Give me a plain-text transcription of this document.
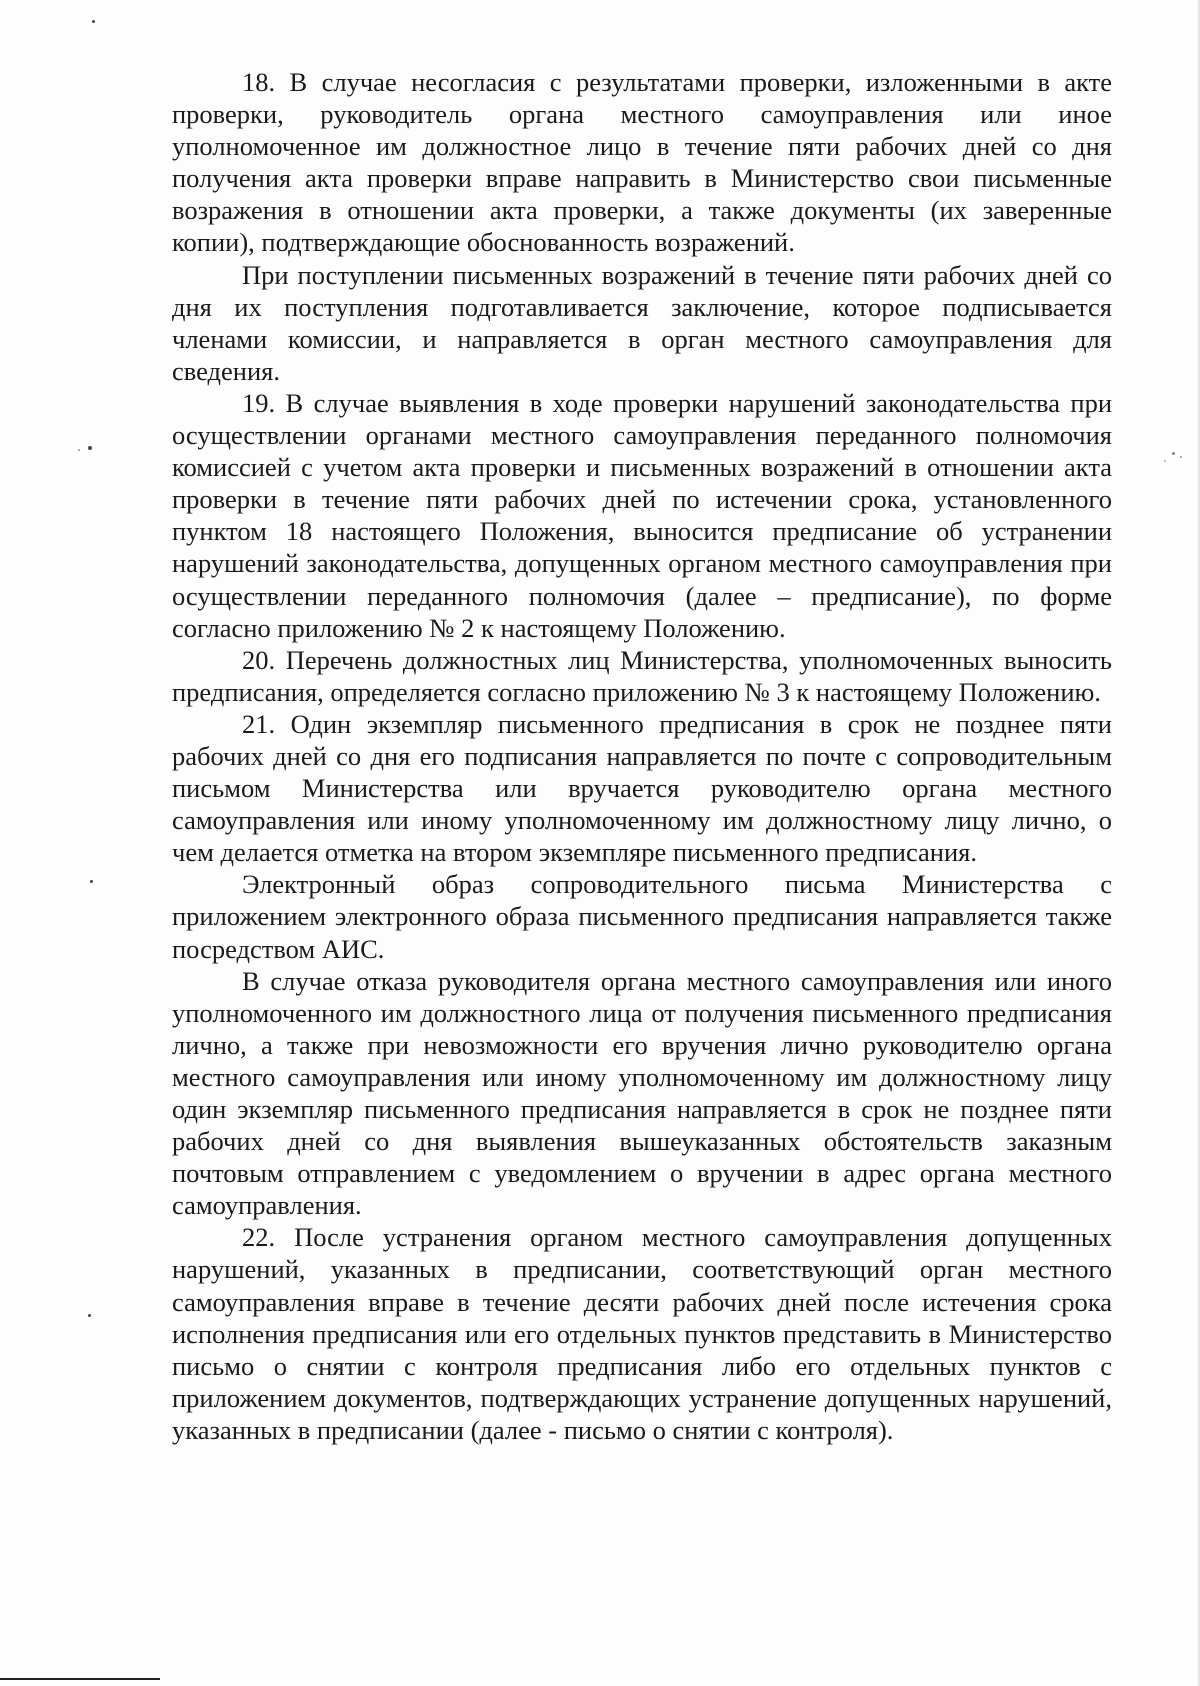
18. В случае несогласия с результатами проверки, изложенными в акте проверки, руководитель органа местного самоуправления или иное уполномоченное им должностное лицо в течение пяти рабочих дней со дня получения акта проверки вправе направить в Министерство свои письменные возражения в отношении акта проверки, а также документы (их заверенные копии), подтверждающие обоснованность возражений.

При поступлении письменных возражений в течение пяти рабочих дней со дня их поступления подготавливается заключение, которое подписывается членами комиссии, и направляется в орган местного самоуправления для сведения.

19. В случае выявления в ходе проверки нарушений законодательства при осуществлении органами местного самоуправления переданного полномочия комиссией с учетом акта проверки и письменных возражений в отношении акта проверки в течение пяти рабочих дней по истечении срока, установленного пунктом 18 настоящего Положения, выносится предписание об устранении нарушений законодательства, допущенных органом местного самоуправления при осуществлении переданного полномочия (далее – предписание), по форме согласно приложению № 2 к настоящему Положению.

20. Перечень должностных лиц Министерства, уполномоченных выносить предписания, определяется согласно приложению № 3 к настоящему Положению.

21. Один экземпляр письменного предписания в срок не позднее пяти рабочих дней со дня его подписания направляется по почте с сопроводительным письмом Министерства или вручается руководителю органа местного самоуправления или иному уполномоченному им должностному лицу лично, о чем делается отметка на втором экземпляре письменного предписания.

Электронный образ сопроводительного письма Министерства с приложением электронного образа письменного предписания направляется также посредством АИС.

В случае отказа руководителя органа местного самоуправления или иного уполномоченного им должностного лица от получения письменного предписания лично, а также при невозможности его вручения лично руководителю органа местного самоуправления или иному уполномоченному им должностному лицу один экземпляр письменного предписания направляется в срок не позднее пяти рабочих дней со дня выявления вышеуказанных обстоятельств заказным почтовым отправлением с уведомлением о вручении в адрес органа местного самоуправления.

22. После устранения органом местного самоуправления допущенных нарушений, указанных в предписании, соответствующий орган местного самоуправления вправе в течение десяти рабочих дней после истечения срока исполнения предписания или его отдельных пунктов представить в Министерство письмо о снятии с контроля предписания либо его отдельных пунктов с приложением документов, подтверждающих устранение допущенных нарушений, указанных в предписании (далее - письмо о снятии с контроля).
